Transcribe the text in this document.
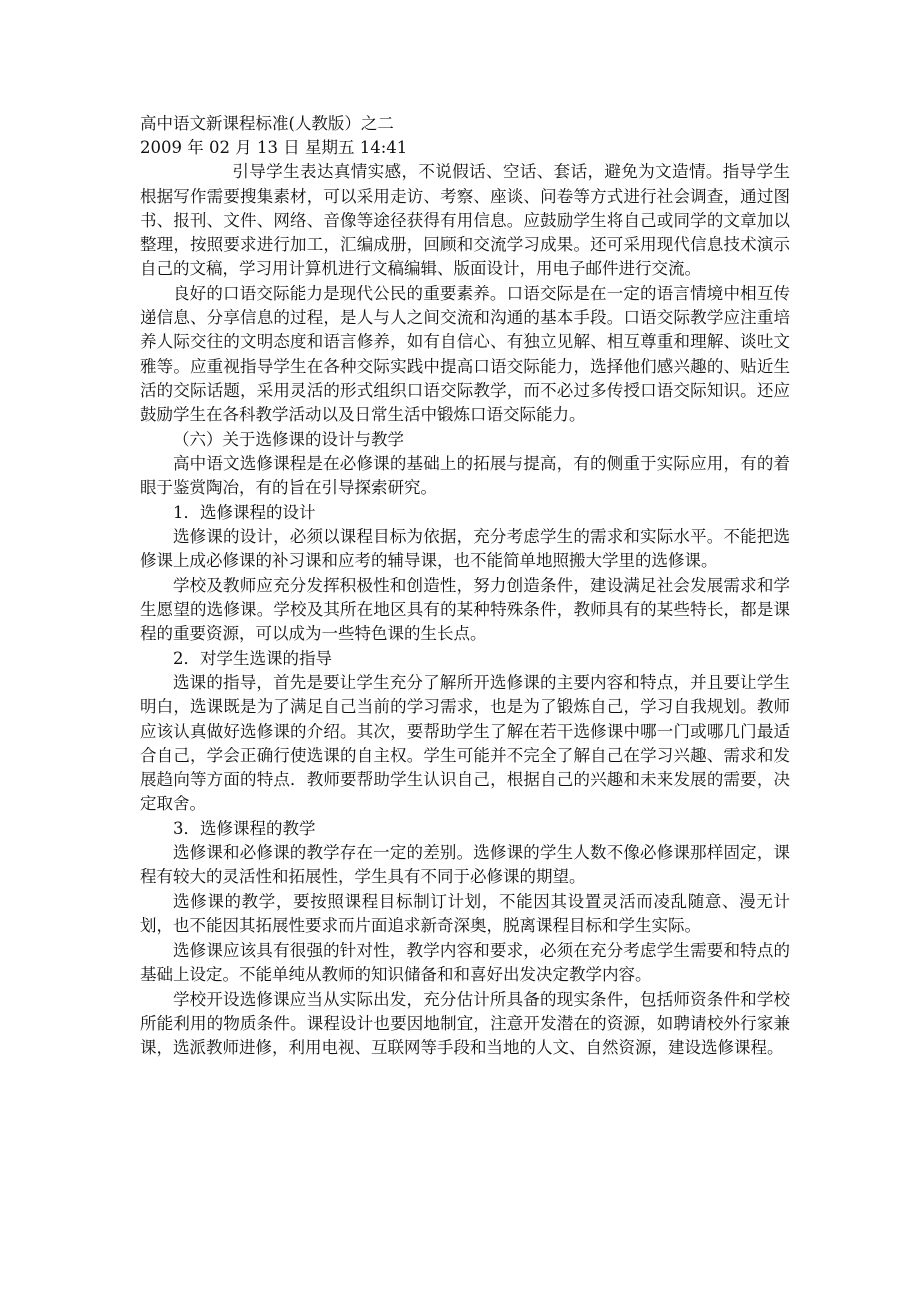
高中语文新课程标准(人教版）之二

2009 年 02 月 13 日 星期五 14:41

引导学生表达真情实感，不说假话、空话、套话，避免为文造情。指导学生根据写作需要搜集素材，可以采用走访、考察、座谈、问卷等方式进行社会调查，通过图书、报刊、文件、网络、音像等途径获得有用信息。应鼓励学生将自己或同学的文章加以整理，按照要求进行加工，汇编成册，回顾和交流学习成果。还可采用现代信息技术演示自己的文稿，学习用计算机进行文稿编辑、版面设计，用电子邮件进行交流。

良好的口语交际能力是现代公民的重要素养。口语交际是在一定的语言情境中相互传递信息、分享信息的过程，是人与人之间交流和沟通的基本手段。口语交际教学应注重培养人际交往的文明态度和语言修养，如有自信心、有独立见解、相互尊重和理解、谈吐文雅等。应重视指导学生在各种交际实践中提高口语交际能力，选择他们感兴趣的、贴近生活的交际话题，采用灵活的形式组织口语交际教学，而不必过多传授口语交际知识。还应鼓励学生在各科教学活动以及日常生活中锻炼口语交际能力。

（六）关于选修课的设计与教学

高中语文选修课程是在必修课的基础上的拓展与提高，有的侧重于实际应用，有的着眼于鉴赏陶冶，有的旨在引导探索研究。

1．选修课程的设计

选修课的设计，必须以课程目标为依据，充分考虑学生的需求和实际水平。不能把选修课上成必修课的补习课和应考的辅导课，也不能简单地照搬大学里的选修课。

学校及教师应充分发挥积极性和创造性，努力创造条件，建设满足社会发展需求和学生愿望的选修课。学校及其所在地区具有的某种特殊条件，教师具有的某些特长，都是课程的重要资源，可以成为一些特色课的生长点。

2．对学生选课的指导

选课的指导，首先是要让学生充分了解所开选修课的主要内容和特点，并且要让学生明白，选课既是为了满足自己当前的学习需求，也是为了锻炼自己，学习自我规划。教师应该认真做好选修课的介绍。其次，要帮助学生了解在若干选修课中哪一门或哪几门最适合自己，学会正确行使选课的自主权。学生可能并不完全了解自己在学习兴趣、需求和发展趋向等方面的特点．教师要帮助学生认识自己，根据自己的兴趣和未来发展的需要，决定取舍。

3．选修课程的教学

选修课和必修课的教学存在一定的差别。选修课的学生人数不像必修课那样固定，课程有较大的灵活性和拓展性，学生具有不同于必修课的期望。

选修课的教学，要按照课程目标制订计划，不能因其设置灵活而凌乱随意、漫无计划，也不能因其拓展性要求而片面追求新奇深奥，脱离课程目标和学生实际。

选修课应该具有很强的针对性，教学内容和要求，必须在充分考虑学生需要和特点的基础上设定。不能单纯从教师的知识储备和和喜好出发决定教学内容。

学校开设选修课应当从实际出发，充分估计所具备的现实条件，包括师资条件和学校所能利用的物质条件。课程设计也要因地制宜，注意开发潜在的资源，如聘请校外行家兼课，选派教师进修，利用电视、互联网等手段和当地的人文、自然资源，建设选修课程。
